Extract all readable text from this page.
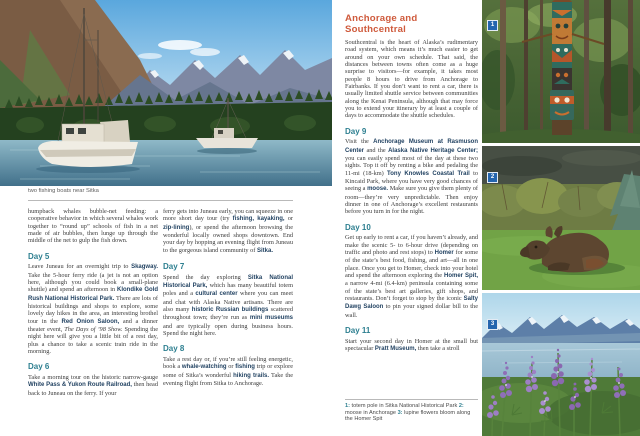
two fishing boats near Sitka

humpback whales bubble-net feeding: a cooperative behavior in which several whales work together to “round up” schools of fish in a net made of air bubbles, then lunge up through the middle of the net to gulp the fish down.

Day 5

Leave Juneau for an overnight trip to Skagway. Take the 5-hour ferry ride (a jet is not an option here, although you could book a small-plane shuttle) and spend an afternoon in Klondike Gold Rush National Historical Park. There are lots of historical buildings and shops to explore, some lovely day hikes in the area, an interesting brothel tour in the Red Onion Saloon, and a dinner theater event, The Days of ’98 Show. Spending the night here will give you a little bit of a rest day, plus a chance to take a scenic train ride in the morning.

Day 6

Take a morning tour on the historic narrow-gauge White Pass & Yukon Route Railroad, then head back to Juneau on the ferry. If your

ferry gets into Juneau early, you can squeeze in one more short day tour (try fishing, kayaking, or zip-lining), or spend the afternoon browsing the wonderful locally owned shops downtown. End your day by hopping an evening flight from Juneau to the gorgeous island community of Sitka.

Day 7

Spend the day exploring Sitka National Historical Park, which has many beautiful totem poles and a cultural center where you can meet and chat with Alaska Native artisans. There are also many historic Russian buildings scattered throughout town; they’re run as mini museums and are typically open during business hours. Spend the night here.

Day 8

Take a rest day or, if you’re still feeling energetic, book a whale-watching or fishing trip or explore some of Sitka’s wonderful hiking trails. Take the evening flight from Sitka to Anchorage.

Anchorage and Southcentral

Southcentral is the heart of Alaska’s rudimentary road system, which means it’s much easier to get around on your own schedule. That said, the distances between towns often come as a huge surprise to visitors—for example, it takes most people 8 hours to drive from Anchorage to Fairbanks. If you don’t want to rent a car, there is usually limited shuttle service between communities along the Kenai Peninsula, although that may force you to extend your itinerary by at least a couple of days to accommodate the shuttle schedules.

Day 9

Visit the Anchorage Museum at Rasmuson Center and the Alaska Native Heritage Center; you can easily spend most of the day at these two sights. Top it off by renting a bike and pedaling the 11-mi (18-km) Tony Knowles Coastal Trail to Kincaid Park, where you have very good chances of seeing a moose. Make sure you give them plenty of room—they’re very unpredictable. Then enjoy dinner in one of Anchorage’s excellent restaurants before you turn in for the night.

Day 10

Get up early to rent a car, if you haven’t already, and make the scenic 5- to 6-hour drive (depending on traffic and photo and rest stops) to Homer for some of the state’s best food, fishing, and art—all in one place. Once you get to Homer, check into your hotel and spend the afternoon exploring the Homer Spit, a narrow 4-mi (6.4-km) peninsula containing some of the state’s best art galleries, gift shops, and restaurants. Don’t forget to stop by the iconic Salty Dawg Saloon to pin your signed dollar bill to the wall.

Day 11

Start your second day in Homer at the small but spectacular Pratt Museum, then take a stroll

1
2
3
1: totem pole in Sitka National Historical Park 2: moose in Anchorage 3: lupine flowers bloom along the Homer Spit
